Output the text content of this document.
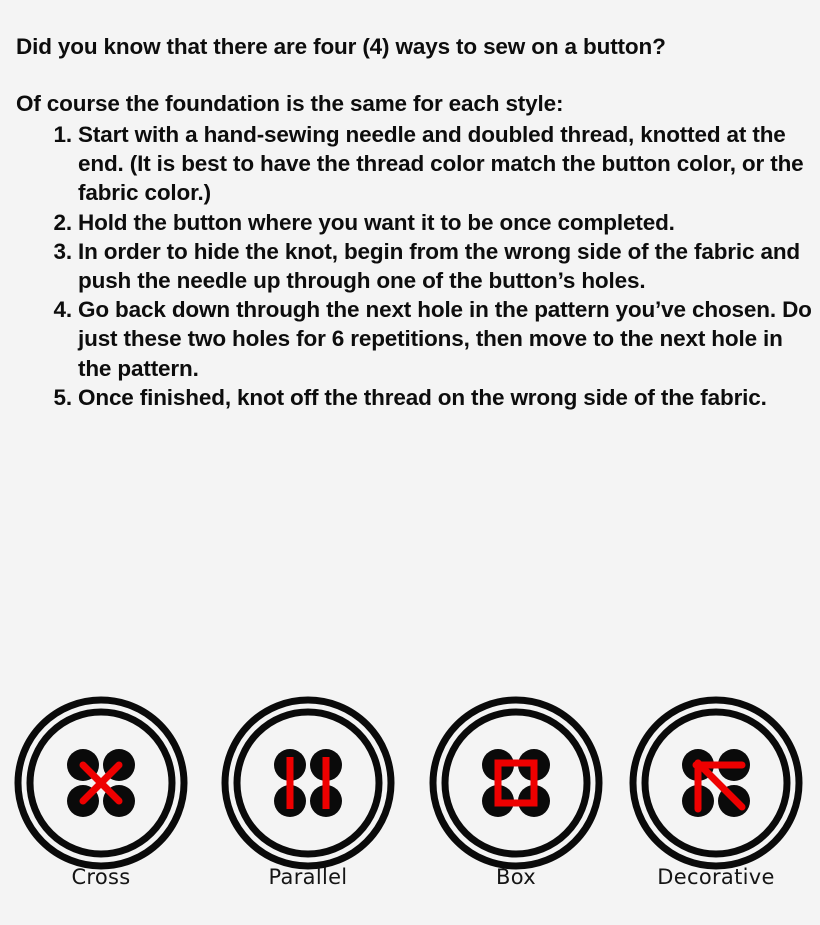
Did you know that there are four (4) ways to sew on a button?
Of course the foundation is the same for each style:
1. Start with a hand-sewing needle and doubled thread, knotted at the end. (It is best to have the thread color match the button color, or the fabric color.)
2. Hold the button where you want it to be once completed.
3. In order to hide the knot, begin from the wrong side of the fabric and push the needle up through one of the button’s holes.
4. Go back down through the next hole in the pattern you’ve chosen. Do just these two holes for 6 repetitions, then move to the next hole in the pattern.
5. Once finished, knot off the thread on the wrong side of the fabric.
Cross	Parallel	Box	Decorative
